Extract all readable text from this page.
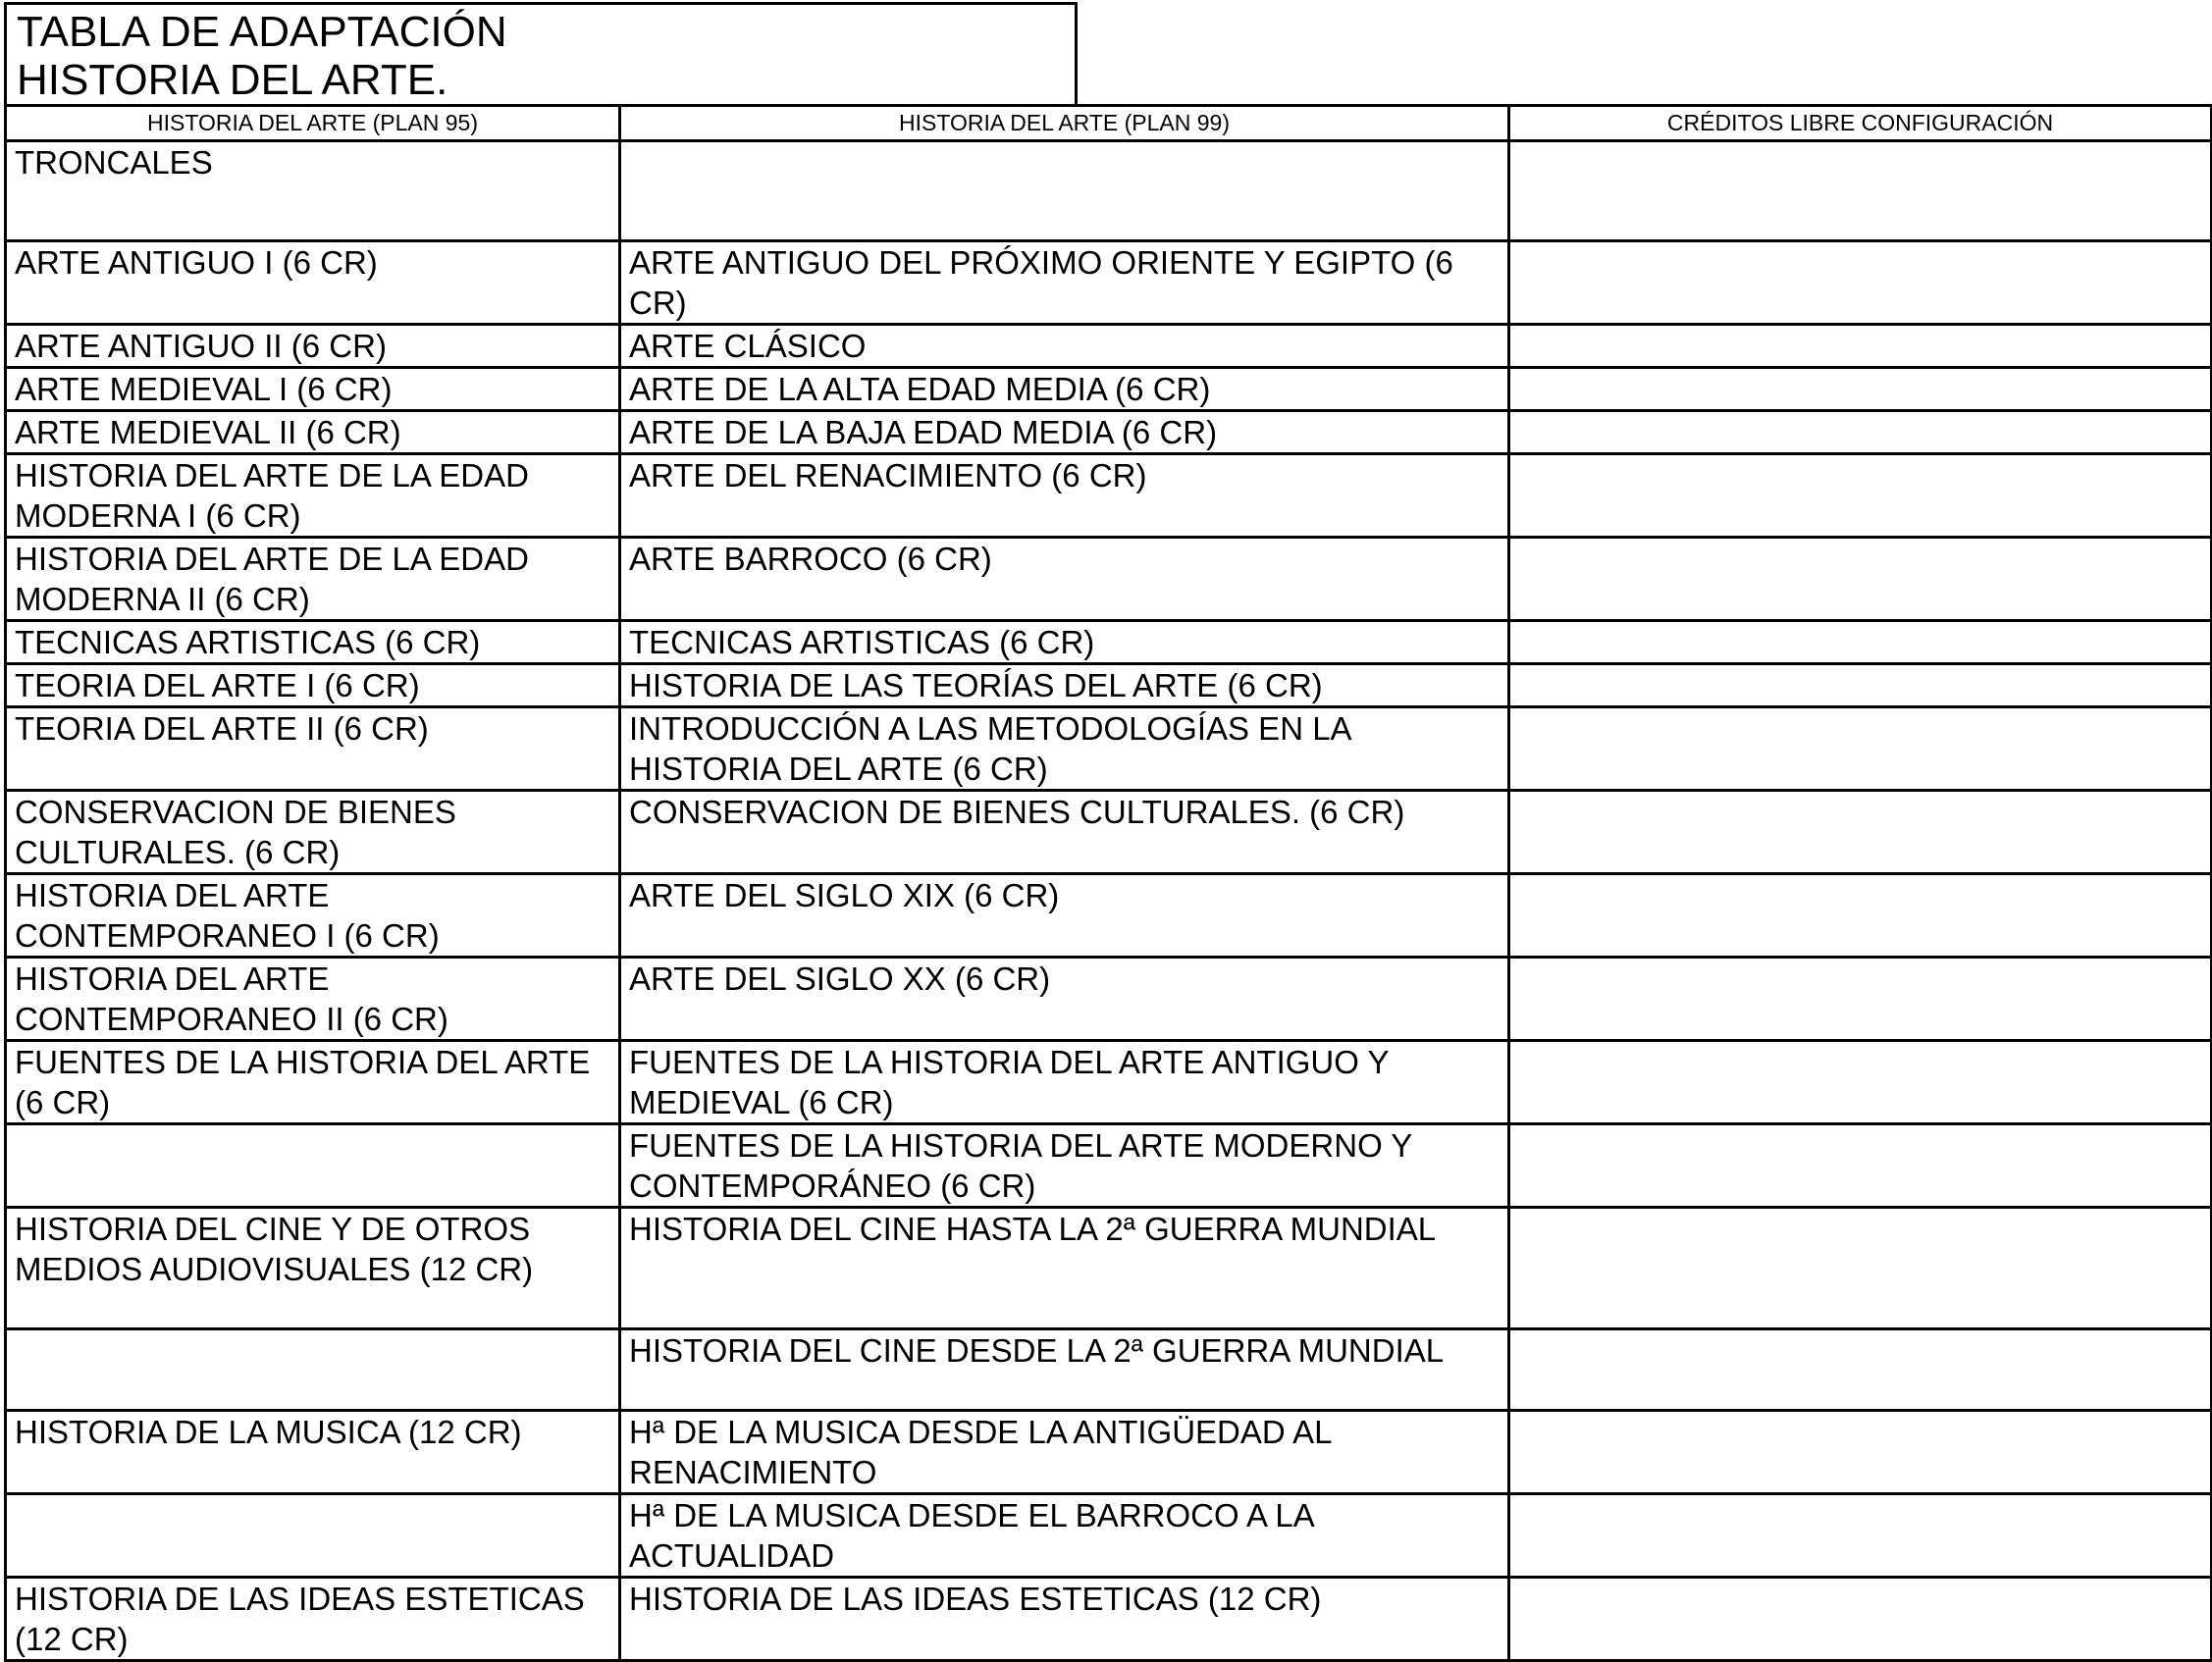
TABLA DE ADAPTACIÓN
HISTORIA DEL ARTE.
HISTORIA DEL ARTE (PLAN 95)	HISTORIA DEL ARTE (PLAN 99)	CRÉDITOS LIBRE CONFIGURACIÓN
TRONCALES		
ARTE ANTIGUO I (6 CR)	ARTE ANTIGUO DEL PRÓXIMO ORIENTE Y EGIPTO (6 CR)	
ARTE ANTIGUO II (6 CR)	ARTE CLÁSICO	
ARTE MEDIEVAL I (6 CR)	ARTE DE LA ALTA EDAD MEDIA (6 CR)	
ARTE MEDIEVAL II (6 CR)	ARTE DE LA BAJA EDAD MEDIA (6 CR)	
HISTORIA DEL ARTE DE LA EDAD MODERNA I (6 CR)	ARTE DEL RENACIMIENTO (6 CR)	
HISTORIA DEL ARTE DE LA EDAD MODERNA II (6 CR)	ARTE BARROCO (6 CR)	
TECNICAS ARTISTICAS (6 CR)	TECNICAS ARTISTICAS (6 CR)	
TEORIA DEL ARTE I (6 CR)	HISTORIA DE LAS TEORÍAS DEL ARTE (6 CR)	
TEORIA DEL ARTE II (6 CR)	INTRODUCCIÓN A LAS METODOLOGÍAS EN LA HISTORIA DEL ARTE (6 CR)	
CONSERVACION DE BIENES CULTURALES. (6 CR)	CONSERVACION DE BIENES CULTURALES. (6 CR)	
HISTORIA DEL ARTE CONTEMPORANEO I (6 CR)	ARTE DEL SIGLO XIX (6 CR)	
HISTORIA DEL ARTE CONTEMPORANEO II (6 CR)	ARTE DEL SIGLO XX (6 CR)	
FUENTES DE LA HISTORIA DEL ARTE (6 CR)	FUENTES DE LA HISTORIA DEL ARTE ANTIGUO Y MEDIEVAL (6 CR)	
	FUENTES DE LA HISTORIA DEL ARTE MODERNO Y CONTEMPORÁNEO (6 CR)	
HISTORIA DEL CINE Y DE OTROS MEDIOS AUDIOVISUALES (12 CR)	HISTORIA DEL CINE HASTA LA 2ª GUERRA MUNDIAL	
	HISTORIA DEL CINE DESDE LA 2ª GUERRA MUNDIAL	
HISTORIA DE LA MUSICA (12 CR)	Hª DE LA MUSICA DESDE LA ANTIGÜEDAD AL RENACIMIENTO	
	Hª DE LA MUSICA DESDE EL BARROCO A LA ACTUALIDAD	
HISTORIA DE LAS IDEAS ESTETICAS (12 CR)	HISTORIA DE LAS IDEAS ESTETICAS (12 CR)	
